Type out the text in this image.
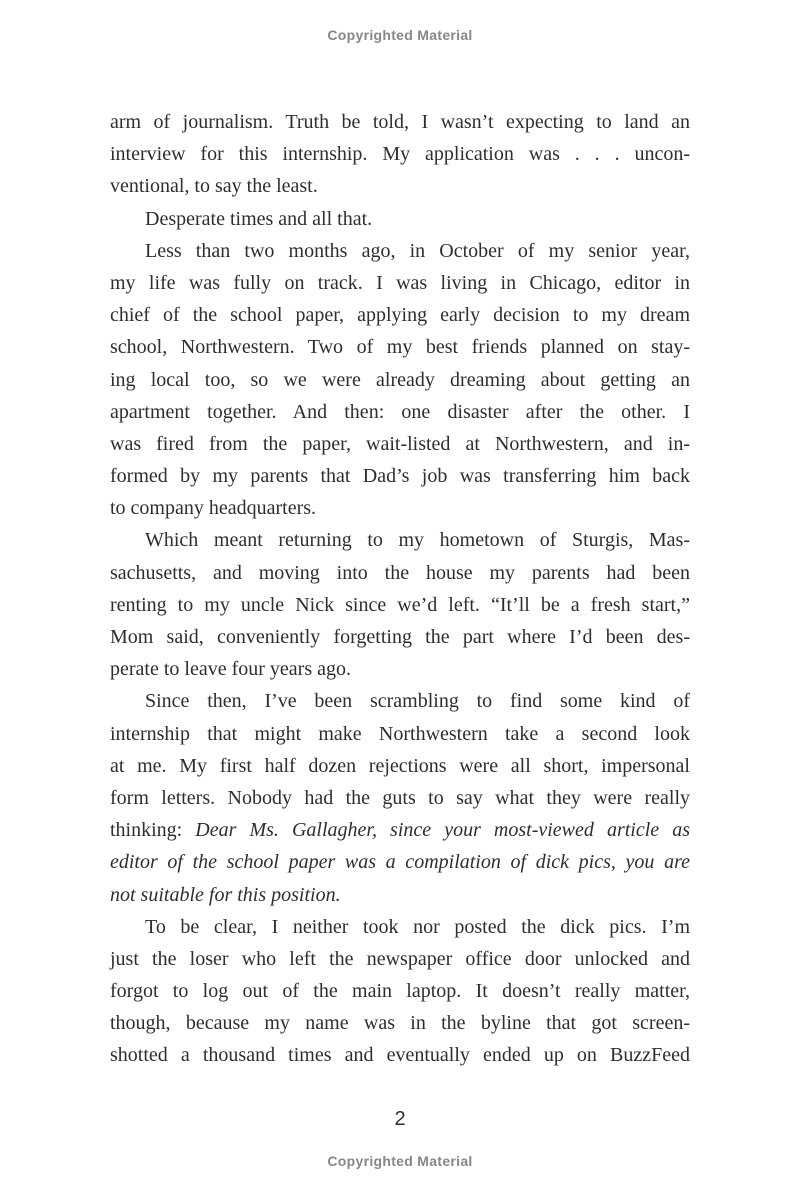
Copyrighted Material
arm of journalism. Truth be told, I wasn’t expecting to land an
interview for this internship. My application was . . . uncon-
ventional, to say the least.
Desperate times and all that.
Less than two months ago, in October of my senior year,
my life was fully on track. I was living in Chicago, editor in
chief of the school paper, applying early decision to my dream
school, Northwestern. Two of my best friends planned on stay-
ing local too, so we were already dreaming about getting an
apartment together. And then: one disaster after the other. I
was fired from the paper, wait-listed at Northwestern, and in-
formed by my parents that Dad’s job was transferring him back
to company headquarters.
Which meant returning to my hometown of Sturgis, Mas-
sachusetts, and moving into the house my parents had been
renting to my uncle Nick since we’d left. “It’ll be a fresh start,”
Mom said, conveniently forgetting the part where I’d been des-
perate to leave four years ago.
Since then, I’ve been scrambling to find some kind of
internship that might make Northwestern take a second look
at me. My first half dozen rejections were all short, impersonal
form letters. Nobody had the guts to say what they were really
thinking: Dear Ms. Gallagher, since your most-viewed article as
editor of the school paper was a compilation of dick pics, you are
not suitable for this position.
To be clear, I neither took nor posted the dick pics. I’m
just the loser who left the newspaper office door unlocked and
forgot to log out of the main laptop. It doesn’t really matter,
though, because my name was in the byline that got screen-
shotted a thousand times and eventually ended up on BuzzFeed
2
Copyrighted Material
